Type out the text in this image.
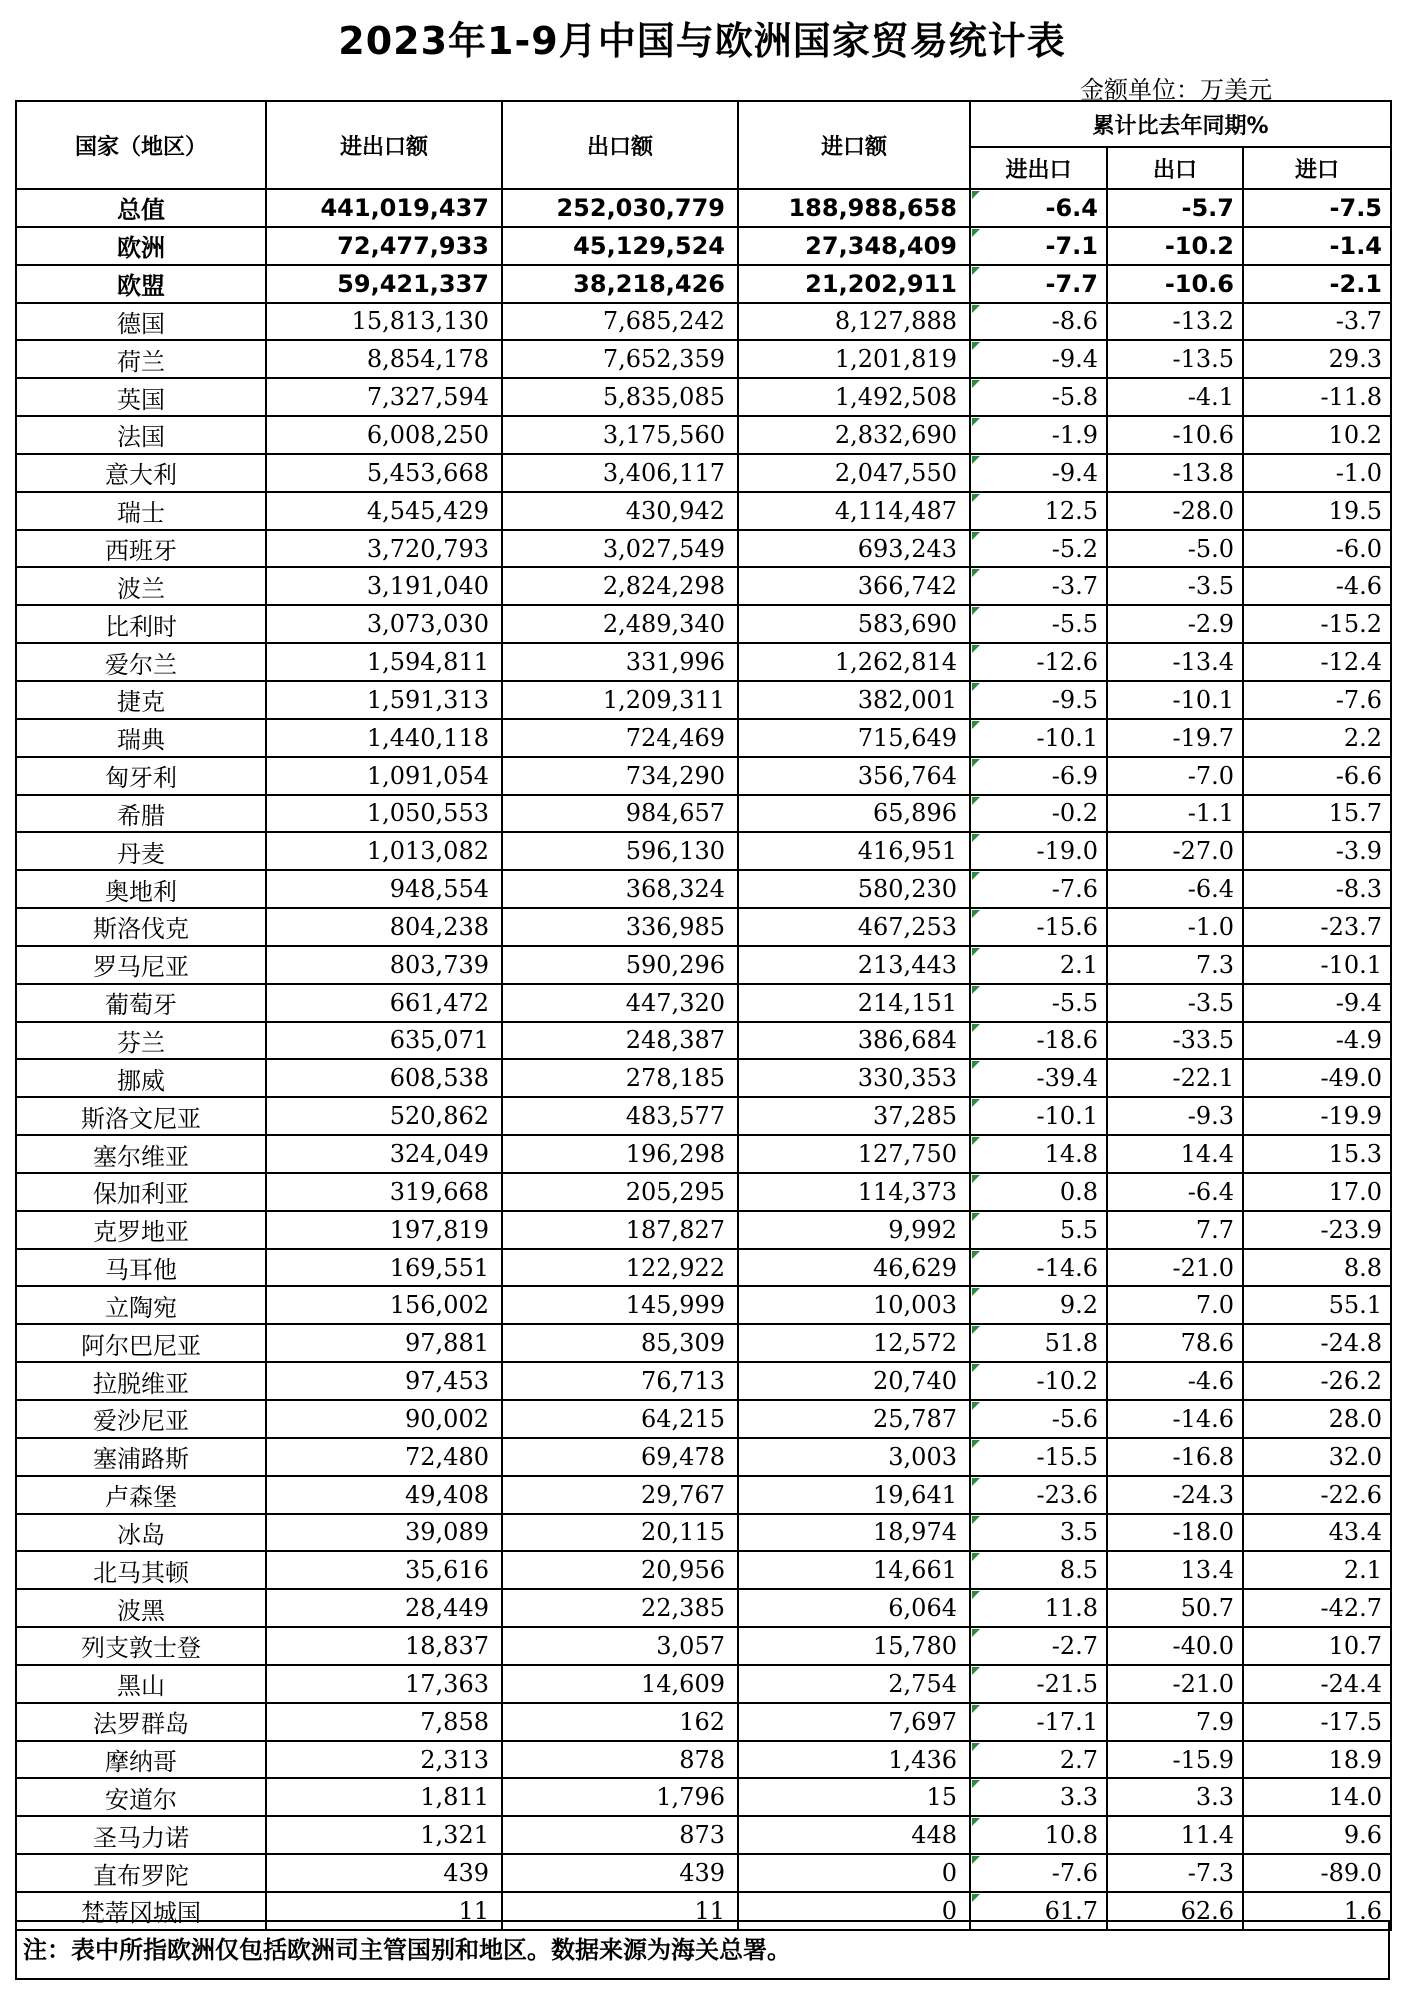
2023年1-9月中国与欧洲国家贸易统计表
金额单位：万美元
国家（地区）	进出口额	出口额	进口额	累计比去年同期%		
				进出口	出口	进口
总值	441,019,437	252,030,779	188,988,658	-6.4	-5.7	-7.5
欧洲	72,477,933	45,129,524	27,348,409	-7.1	-10.2	-1.4
欧盟	59,421,337	38,218,426	21,202,911	-7.7	-10.6	-2.1
德国	15,813,130	7,685,242	8,127,888	-8.6	-13.2	-3.7
荷兰	8,854,178	7,652,359	1,201,819	-9.4	-13.5	29.3
英国	7,327,594	5,835,085	1,492,508	-5.8	-4.1	-11.8
法国	6,008,250	3,175,560	2,832,690	-1.9	-10.6	10.2
意大利	5,453,668	3,406,117	2,047,550	-9.4	-13.8	-1.0
瑞士	4,545,429	430,942	4,114,487	12.5	-28.0	19.5
西班牙	3,720,793	3,027,549	693,243	-5.2	-5.0	-6.0
波兰	3,191,040	2,824,298	366,742	-3.7	-3.5	-4.6
比利时	3,073,030	2,489,340	583,690	-5.5	-2.9	-15.2
爱尔兰	1,594,811	331,996	1,262,814	-12.6	-13.4	-12.4
捷克	1,591,313	1,209,311	382,001	-9.5	-10.1	-7.6
瑞典	1,440,118	724,469	715,649	-10.1	-19.7	2.2
匈牙利	1,091,054	734,290	356,764	-6.9	-7.0	-6.6
希腊	1,050,553	984,657	65,896	-0.2	-1.1	15.7
丹麦	1,013,082	596,130	416,951	-19.0	-27.0	-3.9
奥地利	948,554	368,324	580,230	-7.6	-6.4	-8.3
斯洛伐克	804,238	336,985	467,253	-15.6	-1.0	-23.7
罗马尼亚	803,739	590,296	213,443	2.1	7.3	-10.1
葡萄牙	661,472	447,320	214,151	-5.5	-3.5	-9.4
芬兰	635,071	248,387	386,684	-18.6	-33.5	-4.9
挪威	608,538	278,185	330,353	-39.4	-22.1	-49.0
斯洛文尼亚	520,862	483,577	37,285	-10.1	-9.3	-19.9
塞尔维亚	324,049	196,298	127,750	14.8	14.4	15.3
保加利亚	319,668	205,295	114,373	0.8	-6.4	17.0
克罗地亚	197,819	187,827	9,992	5.5	7.7	-23.9
马耳他	169,551	122,922	46,629	-14.6	-21.0	8.8
立陶宛	156,002	145,999	10,003	9.2	7.0	55.1
阿尔巴尼亚	97,881	85,309	12,572	51.8	78.6	-24.8
拉脱维亚	97,453	76,713	20,740	-10.2	-4.6	-26.2
爱沙尼亚	90,002	64,215	25,787	-5.6	-14.6	28.0
塞浦路斯	72,480	69,478	3,003	-15.5	-16.8	32.0
卢森堡	49,408	29,767	19,641	-23.6	-24.3	-22.6
冰岛	39,089	20,115	18,974	3.5	-18.0	43.4
北马其顿	35,616	20,956	14,661	8.5	13.4	2.1
波黑	28,449	22,385	6,064	11.8	50.7	-42.7
列支敦士登	18,837	3,057	15,780	-2.7	-40.0	10.7
黑山	17,363	14,609	2,754	-21.5	-21.0	-24.4
法罗群岛	7,858	162	7,697	-17.1	7.9	-17.5
摩纳哥	2,313	878	1,436	2.7	-15.9	18.9
安道尔	1,811	1,796	15	3.3	3.3	14.0
圣马力诺	1,321	873	448	10.8	11.4	9.6
直布罗陀	439	439	0	-7.6	-7.3	-89.0
梵蒂冈城国	11	11	0	61.7	62.6	1.6
注：表中所指欧洲仅包括欧洲司主管国别和地区。数据来源为海关总署。
